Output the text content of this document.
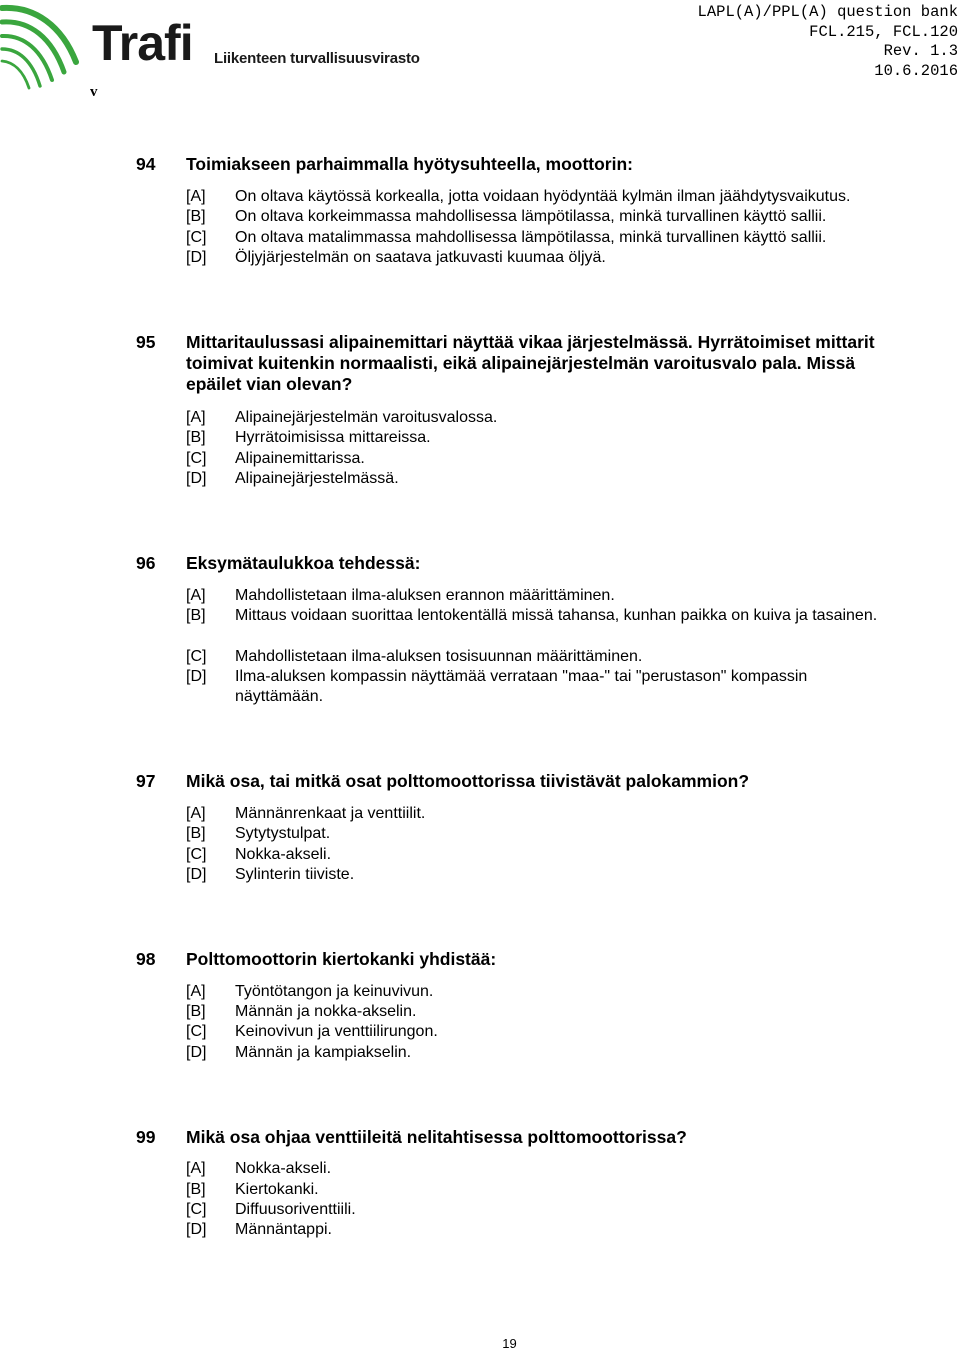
Trafi Liikenteen turvallisuusvirasto
v
LAPL(A)/PPL(A) question bank
FCL.215, FCL.120
Rev. 1.3
10.6.2016
94 Toimiakseen parhaimmalla hyötysuhteella, moottorin:
[A] On oltava käytössä korkealla, jotta voidaan hyödyntää kylmän ilman jäähdytysvaikutus.
[B] On oltava korkeimmassa mahdollisessa lämpötilassa, minkä turvallinen käyttö sallii.
[C] On oltava matalimmassa mahdollisessa lämpötilassa, minkä turvallinen käyttö sallii.
[D] Öljyjärjestelmän on saatava jatkuvasti kuumaa öljyä.
95 Mittaritaulussasi alipainemittari näyttää vikaa järjestelmässä. Hyrrätoimiset mittarit toimivat kuitenkin normaalisti, eikä alipainejärjestelmän varoitusvalo pala. Missä epäilet vian olevan?
[A] Alipainejärjestelmän varoitusvalossa.
[B] Hyrrätoimisissa mittareissa.
[C] Alipainemittarissa.
[D] Alipainejärjestelmässä.
96 Eksymätaulukkoa tehdessä:
[A] Mahdollistetaan ilma-aluksen erannon määrittäminen.
[B] Mittaus voidaan suorittaa lentokentällä missä tahansa, kunhan paikka on kuiva ja tasainen.
[C] Mahdollistetaan ilma-aluksen tosisuunnan määrittäminen.
[D] Ilma-aluksen kompassin näyttämää verrataan "maa-" tai "perustason" kompassin näyttämään.
97 Mikä osa, tai mitkä osat polttomoottorissa tiivistävät palokammion?
[A] Männänrenkaat ja venttiilit.
[B] Sytytystulpat.
[C] Nokka-akseli.
[D] Sylinterin tiiviste.
98 Polttomoottorin kiertokanki yhdistää:
[A] Työntötangon ja keinuvivun.
[B] Männän ja nokka-akselin.
[C] Keinovivun ja venttiilirungon.
[D] Männän ja kampiakselin.
99 Mikä osa ohjaa venttiileitä nelitahtisessa polttomoottorissa?
[A] Nokka-akseli.
[B] Kiertokanki.
[C] Diffuusoriventtiili.
[D] Männäntappi.
19
